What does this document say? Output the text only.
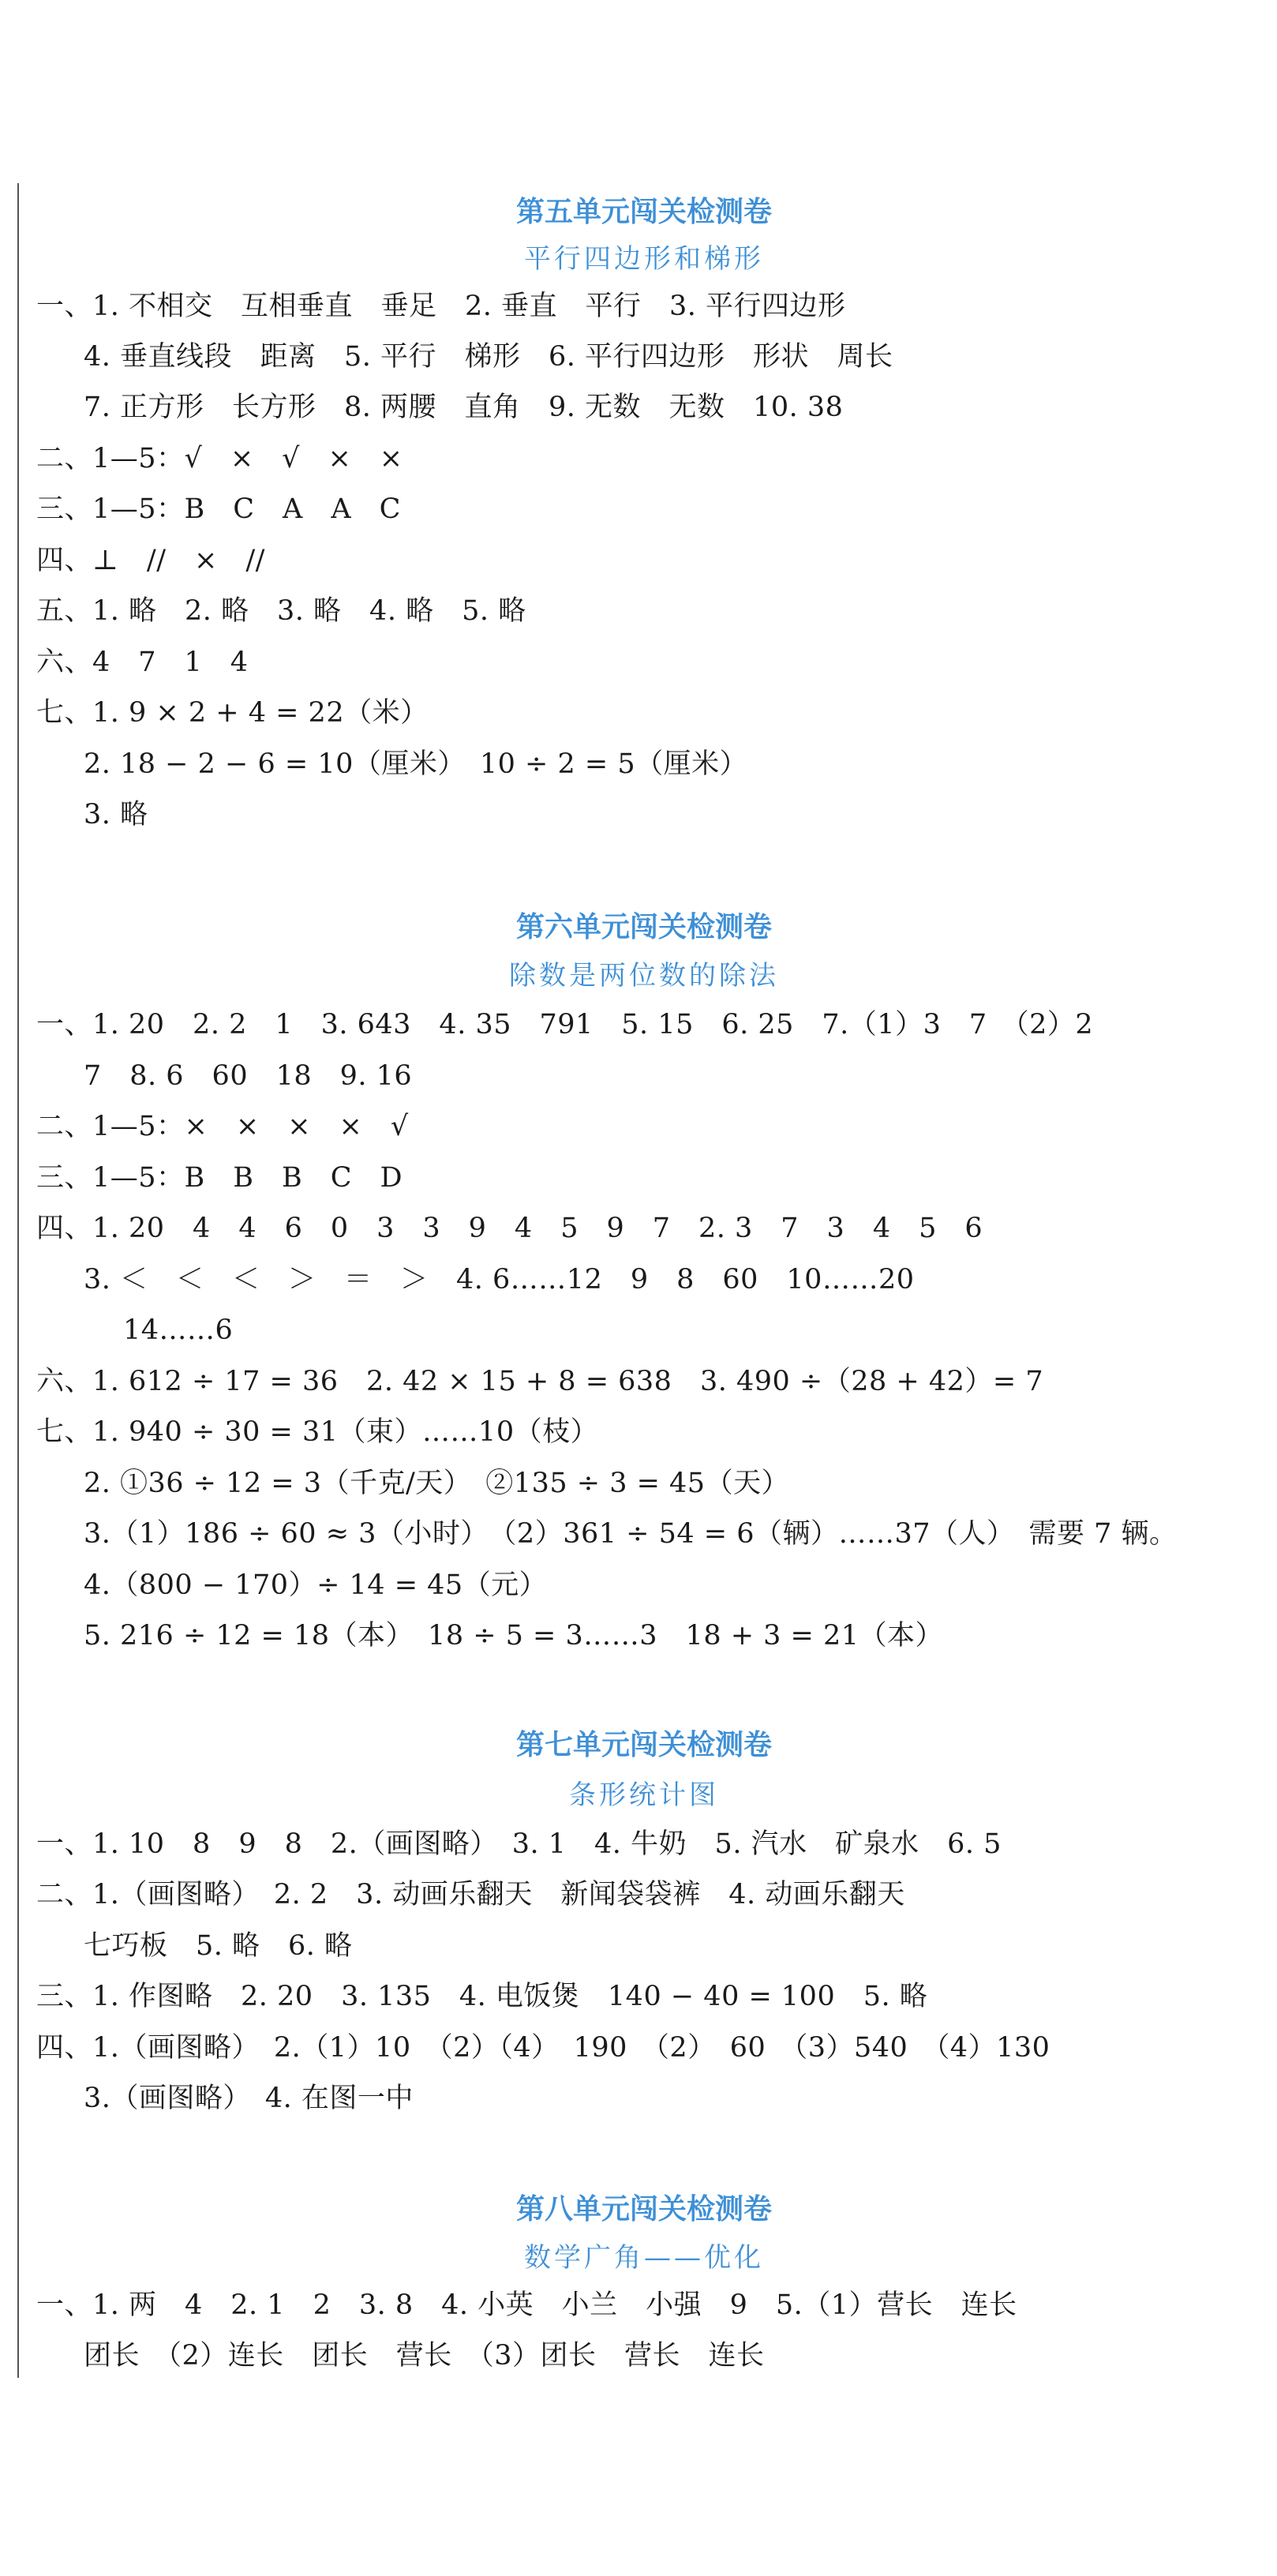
第五单元闯关检测卷
平行四边形和梯形
一、1. 不相交　互相垂直　垂足　2. 垂直　平行　3. 平行四边形
4. 垂直线段　距离　5. 平行　梯形　6. 平行四边形　形状　周长
7. 正方形　长方形　8. 两腰　直角　9. 无数　无数　10. 38
二、1—5：√　×　√　×　×
三、1—5：B　C　A　A　C
四、⊥　//　×　//
五、1. 略　2. 略　3. 略　4. 略　5. 略
六、4　7　1　4
七、1. 9 × 2 + 4 = 22（米）
2. 18 − 2 − 6 = 10（厘米）　10 ÷ 2 = 5（厘米）
3. 略
第六单元闯关检测卷
除数是两位数的除法
一、1. 20　2. 2　1　3. 643　4. 35　791　5. 15　6. 25　7.（1）3　7　（2）2
7　8. 6　60　18　9. 16
二、1—5：×　×　×　×　√
三、1—5：B　B　B　C　D
四、1. 20　4　4　6　0　3　3　9　4　5　9　7　2. 3　7　3　4　5　6
3. ＜　＜　＜　＞　＝　＞　4. 6……12　9　8　60　10……20
14……6
六、1. 612 ÷ 17 = 36　2. 42 × 15 + 8 = 638　3. 490 ÷（28 + 42）= 7
七、1. 940 ÷ 30 = 31（束）……10（枝）
2. ①36 ÷ 12 = 3（千克/天）　②135 ÷ 3 = 45（天）
3.（1）186 ÷ 60 ≈ 3（小时）　（2）361 ÷ 54 = 6（辆）……37（人）　需要 7 辆。
4.（800 − 170）÷ 14 = 45（元）
5. 216 ÷ 12 = 18（本）　18 ÷ 5 = 3……3　18 + 3 = 21（本）
第七单元闯关检测卷
条形统计图
一、1. 10　8　9　8　2.（画图略）　3. 1　4. 牛奶　5. 汽水　矿泉水　6. 5
二、1.（画图略）　2. 2　3. 动画乐翻天　新闻袋袋裤　4. 动画乐翻天
七巧板　5. 略　6. 略
三、1. 作图略　2. 20　3. 135　4. 电饭煲　140 − 40 = 100　5. 略
四、1.（画图略）　2.（1）10　（2）（4）　190　（2）　60　（3）540　（4）130
3.（画图略）　4. 在图一中
第八单元闯关检测卷
数学广角——优化
一、1. 两　4　2. 1　2　3. 8　4. 小英　小兰　小强　9　5.（1）营长　连长
团长　（2）连长　团长　营长　（3）团长　营长　连长
